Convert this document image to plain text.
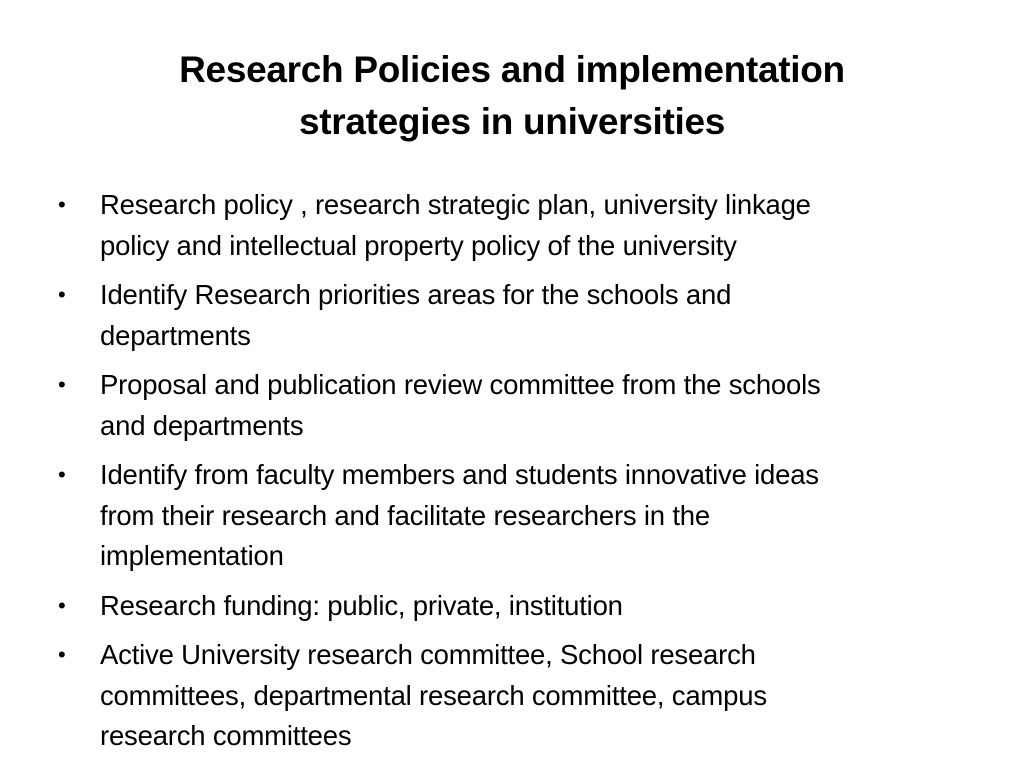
Research Policies and implementation
strategies in universities
•	Research policy , research strategic plan, university linkage
policy and intellectual property policy of the university
•	Identify Research priorities areas for the schools and
departments
•	Proposal and publication review committee from the schools
and departments
•	Identify from faculty members and students innovative ideas
from their research and facilitate researchers in the
implementation
•	Research funding: public, private, institution
•	Active University research committee, School research
committees, departmental research committee, campus
research committees
